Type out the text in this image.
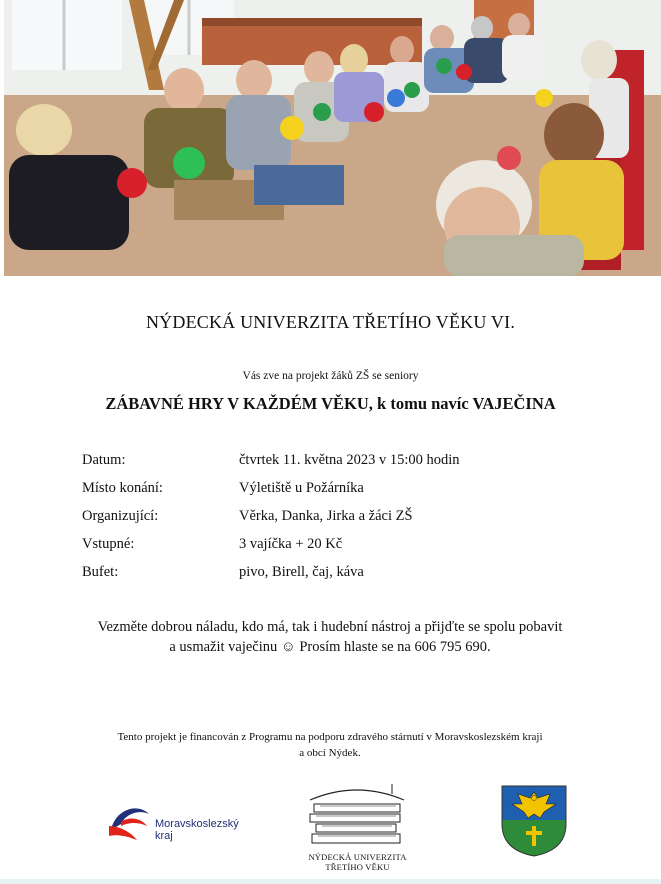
NÝDECKÁ UNIVERZITA TŘETÍHO VĚKU VI.
Vás zve na projekt žáků ZŠ se seniory
ZÁBAVNÉ HRY V KAŽDÉM VĚKU, k tomu navíc VAJEČINA
Datum:	čtvrtek 11. května 2023 v 15:00 hodin
Místo konání:	Výletiště u Požárníka
Organizující:	Věrka, Danka, Jirka a žáci ZŠ
Vstupné:	3 vajíčka + 20 Kč
Bufet:	pivo, Birell, čaj, káva
Vezměte dobrou náladu, kdo má, tak i hudební nástroj a přijďte se spolu pobavit
a usmažit vaječinu ☺ Prosím hlaste se na 606 795 690.
Tento projekt je financován z Programu na podporu zdravého stárnutí v Moravskoslezském kraji
a obcí Nýdek.
Moravskoslezský
kraj
NÝDECKÁ UNIVERZITA
TŘETÍHO VĚKU
